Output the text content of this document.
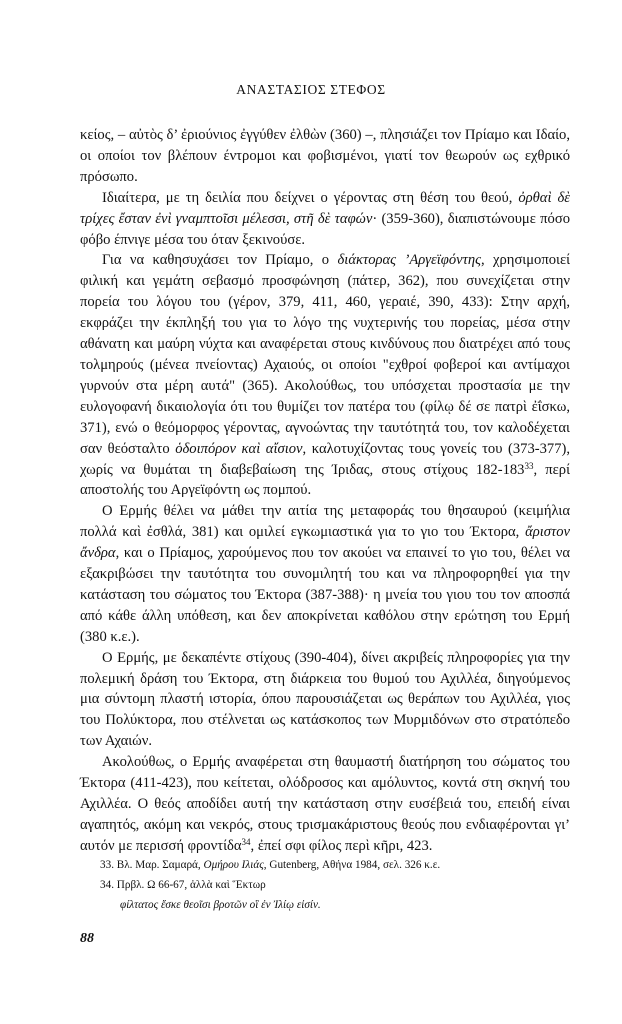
ΑΝΑΣΤΑΣΙΟΣ ΣΤΕΦΟΣ

κείος, – αὐτὸς δ’ ἐριούνιος ἐγγύθεν ἐλθὼν (360) –, πλησιάζει τον Πρίαμο και Ιδαίο, οι οποίοι τον βλέπουν έντρομοι και φοβισμένοι, γιατί τον θεωρούν ως εχθρικό πρόσωπο.

Ιδιαίτερα, με τη δειλία που δείχνει ο γέροντας στη θέση του θεού, ὀρθαὶ δὲ τρίχες ἔσταν ἐνὶ γναμπτοῖσι μέλεσσι, στῆ δὲ ταφών· (359-360), διαπιστώνουμε πόσο φόβο έπνιγε μέσα του όταν ξεκινούσε.

Για να καθησυχάσει τον Πρίαμο, ο διάκτορας ’Αργεϊφόντης, χρησιμοποιεί φιλική και γεμάτη σεβασμό προσφώνηση (πάτερ, 362), που συνεχίζεται στην πορεία του λόγου του (γέρον, 379, 411, 460, γεραιέ, 390, 433): Στην αρχή, εκφράζει την έκπληξή του για το λόγο της νυχτερινής του πορείας, μέσα στην αθάνατη και μαύρη νύχτα και αναφέρεται στους κινδύνους που διατρέχει από τους τολμηρούς (μένεα πνείοντας) Αχαιούς, οι οποίοι "εχθροί φοβεροί και αντίμαχοι γυρνούν στα μέρη αυτά" (365). Ακολούθως, του υπόσχεται προστασία με την ευλογοφανή δικαιολογία ότι του θυμίζει τον πατέρα του (φίλῳ δέ σε πατρὶ ἐΐσκω, 371), ενώ ο θεόμορφος γέροντας, αγνοώντας την ταυτότητά του, τον καλοδέχεται σαν θεόσταλτο ὁδοιπόρον καὶ αἴσιον, καλοτυχίζοντας τους γονείς του (373-377), χωρίς να θυμάται τη διαβεβαίωση της Ίριδας, στους στίχους $182-183^{33}$, περί αποστολής του Αργεϊφόντη ως πομπού.

Ο Ερμής θέλει να μάθει την αιτία της μεταφοράς του θησαυρού (κειμήλια πολλά καὶ ἐσθλά, 381) και ομιλεί εγκωμιαστικά για το γιο του Έκτορα, ἄριστον ἄνδρα, και ο Πρίαμος, χαρούμενος που τον ακούει να επαινεί το γιο του, θέλει να εξακριβώσει την ταυτότητα του συνομιλητή του και να πληροφορηθεί για την κατάσταση του σώματος του Έκτορα (387-388)· η μνεία του γιου του τον αποσπά από κάθε άλλη υπόθεση, και δεν αποκρίνεται καθόλου στην ερώτηση του Ερμή (380 κ.ε.).

Ο Ερμής, με δεκαπέντε στίχους (390-404), δίνει ακριβείς πληροφορίες για την πολεμική δράση του Έκτορα, στη διάρκεια του θυμού του Αχιλλέα, διηγούμενος μια σύντομη πλαστή ιστορία, όπου παρουσιάζεται ως θεράπων του Αχιλλέα, γιος του Πολύκτορα, που στέλνεται ως κατάσκοπος των Μυρμιδόνων στο στρατόπεδο των Αχαιών.

Ακολούθως, ο Ερμής αναφέρεται στη θαυμαστή διατήρηση του σώματος του Έκτορα (411-423), που κείτεται, ολόδροσος και αμόλυντος, κοντά στη σκηνή του Αχιλλέα. Ο θεός αποδίδει αυτή την κατάσταση στην ευσέβειά του, επειδή είναι αγαπητός, ακόμη και νεκρός, στους τρισμακάριστους θεούς που ενδιαφέρονται γι’ αυτόν με περισσή φροντίδα$^{34}$, ἐπεί σφι φίλος περὶ κῆρι, 423.

33. Βλ. Μαρ. Σαμαρά, Ομήρου Ιλιάς, Gutenberg, Αθήνα 1984, σελ. 326 κ.ε.

34. Πρβλ. Ω 66-67, ἀλλὰ καὶ Ἕκτωρ

φίλτατος ἔσκε θεοῖσι βροτῶν οἳ ἐν Ἰλίῳ εἰσίν.

88
